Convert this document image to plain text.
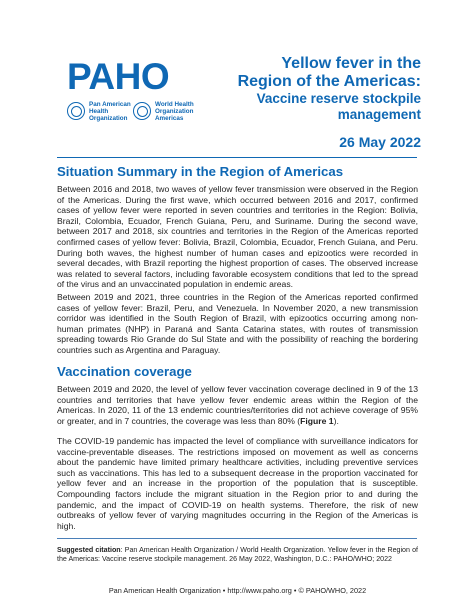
PAHO
Pan American Health Organization
World Health Organization
Americas
Yellow fever in the
Region of the Americas:
Vaccine reserve stockpile
management
26 May 2022
Situation Summary in the Region of Americas

Between 2016 and 2018, two waves of yellow fever transmission were observed in the Region of the Americas. During the first wave, which occurred between 2016 and 2017, confirmed cases of yellow fever were reported in seven countries and territories in the Region: Bolivia, Brazil, Colombia, Ecuador, French Guiana, Peru, and Suriname. During the second wave, between 2017 and 2018, six countries and territories in the Region of the Americas reported confirmed cases of yellow fever: Bolivia, Brazil, Colombia, Ecuador, French Guiana, and Peru. During both waves, the highest number of human cases and epizootics were recorded in several decades, with Brazil reporting the highest proportion of cases. The observed increase was related to several factors, including favorable ecosystem conditions that led to the spread of the virus and an unvaccinated population in endemic areas.

Between 2019 and 2021, three countries in the Region of the Americas reported confirmed cases of yellow fever: Brazil, Peru, and Venezuela. In November 2020, a new transmission corridor was identified in the South Region of Brazil, with epizootics occurring among non-human primates (NHP) in Paraná and Santa Catarina states, with routes of transmission spreading towards Rio Grande do Sul State and with the possibility of reaching the bordering countries such as Argentina and Paraguay.

Vaccination coverage

Between 2019 and 2020, the level of yellow fever vaccination coverage declined in 9 of the 13 countries and territories that have yellow fever endemic areas within the Region of the Americas. In 2020, 11 of the 13 endemic countries/territories did not achieve coverage of 95% or greater, and in 7 countries, the coverage was less than 80% (Figure 1).

The COVID-19 pandemic has impacted the level of compliance with surveillance indicators for vaccine-preventable diseases. The restrictions imposed on movement as well as concerns about the pandemic have limited primary healthcare activities, including preventive services such as vaccinations. This has led to a subsequent decrease in the proportion vaccinated for yellow fever and an increase in the proportion of the population that is susceptible. Compounding factors include the migrant situation in the Region prior to and during the pandemic, and the impact of COVID-19 on health systems. Therefore, the risk of new outbreaks of yellow fever of varying magnitudes occurring in the Region of the Americas is high.

Suggested citation: Pan American Health Organization / World Health Organization. Yellow fever in the Region of the Americas: Vaccine reserve stockpile management. 26 May 2022, Washington, D.C.: PAHO/WHO; 2022
Pan American Health Organization • http://www.paho.org • © PAHO/WHO, 2022
